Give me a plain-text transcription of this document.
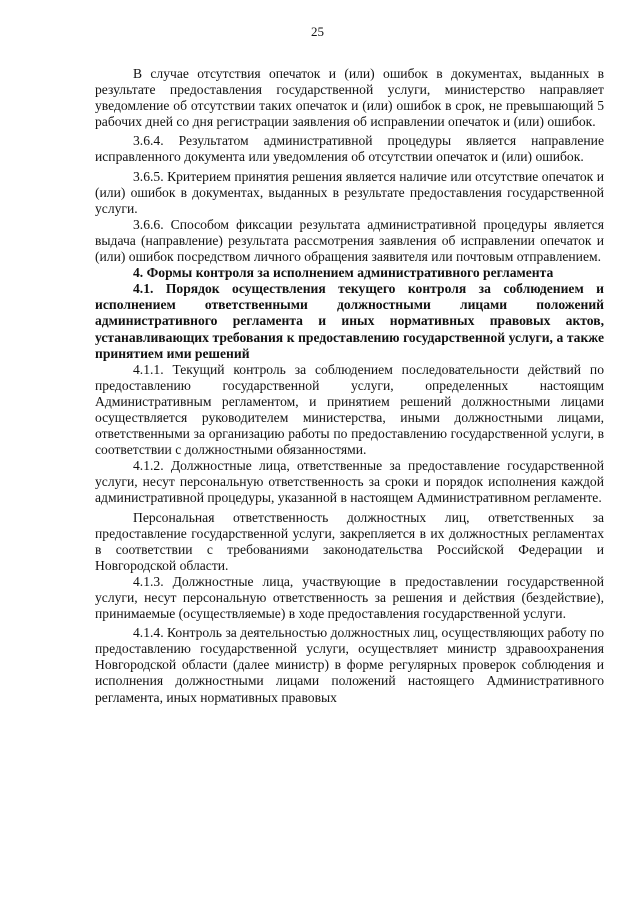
25

В случае отсутствия опечаток и (или) ошибок в документах, выданных в результате предоставления государственной услуги, министерство направляет уведомление об отсутствии таких опечаток и (или) ошибок в срок, не превышающий 5 рабочих дней со дня регистрации заявления об исправлении опечаток и (или) ошибок.

3.6.4. Результатом административной процедуры является направление исправленного документа или уведомления об отсутствии опечаток и (или) ошибок.

3.6.5. Критерием принятия решения является наличие или отсутствие опечаток и (или) ошибок в документах, выданных в результате предоставления государственной услуги.

3.6.6. Способом фиксации результата административной процедуры является выдача (направление) результата рассмотрения заявления об исправлении опечаток и (или) ошибок посредством личного обращения заявителя или почтовым отправлением.

4. Формы контроля за исполнением административного регламента

4.1. Порядок осуществления текущего контроля за соблюдением и исполнением ответственными должностными лицами положений административного регламента и иных нормативных правовых актов, устанавливающих требования к предоставлению государственной услуги, а также принятием ими решений

4.1.1. Текущий контроль за соблюдением последовательности действий по предоставлению государственной услуги, определенных настоящим Административным регламентом, и принятием решений должностными лицами осуществляется руководителем министерства, иными должностными лицами, ответственными за организацию работы по предоставлению государственной услуги, в соответствии с должностными обязанностями.

4.1.2. Должностные лица, ответственные за предоставление государственной услуги, несут персональную ответственность за сроки и порядок исполнения каждой административной процедуры, указанной в настоящем Административном регламенте.

Персональная ответственность должностных лиц, ответственных за предоставление государственной услуги, закрепляется в их должностных регламентах в соответствии с требованиями законодательства Российской Федерации и Новгородской области.

4.1.3. Должностные лица, участвующие в предоставлении государственной услуги, несут персональную ответственность за решения и действия (бездействие), принимаемые (осуществляемые) в ходе предоставления государственной услуги.

4.1.4. Контроль за деятельностью должностных лиц, осуществляющих работу по предоставлению государственной услуги, осуществляет министр здравоохранения Новгородской области (далее министр) в форме регулярных проверок соблюдения и исполнения должностными лицами положений настоящего Административного регламента, иных нормативных правовых
